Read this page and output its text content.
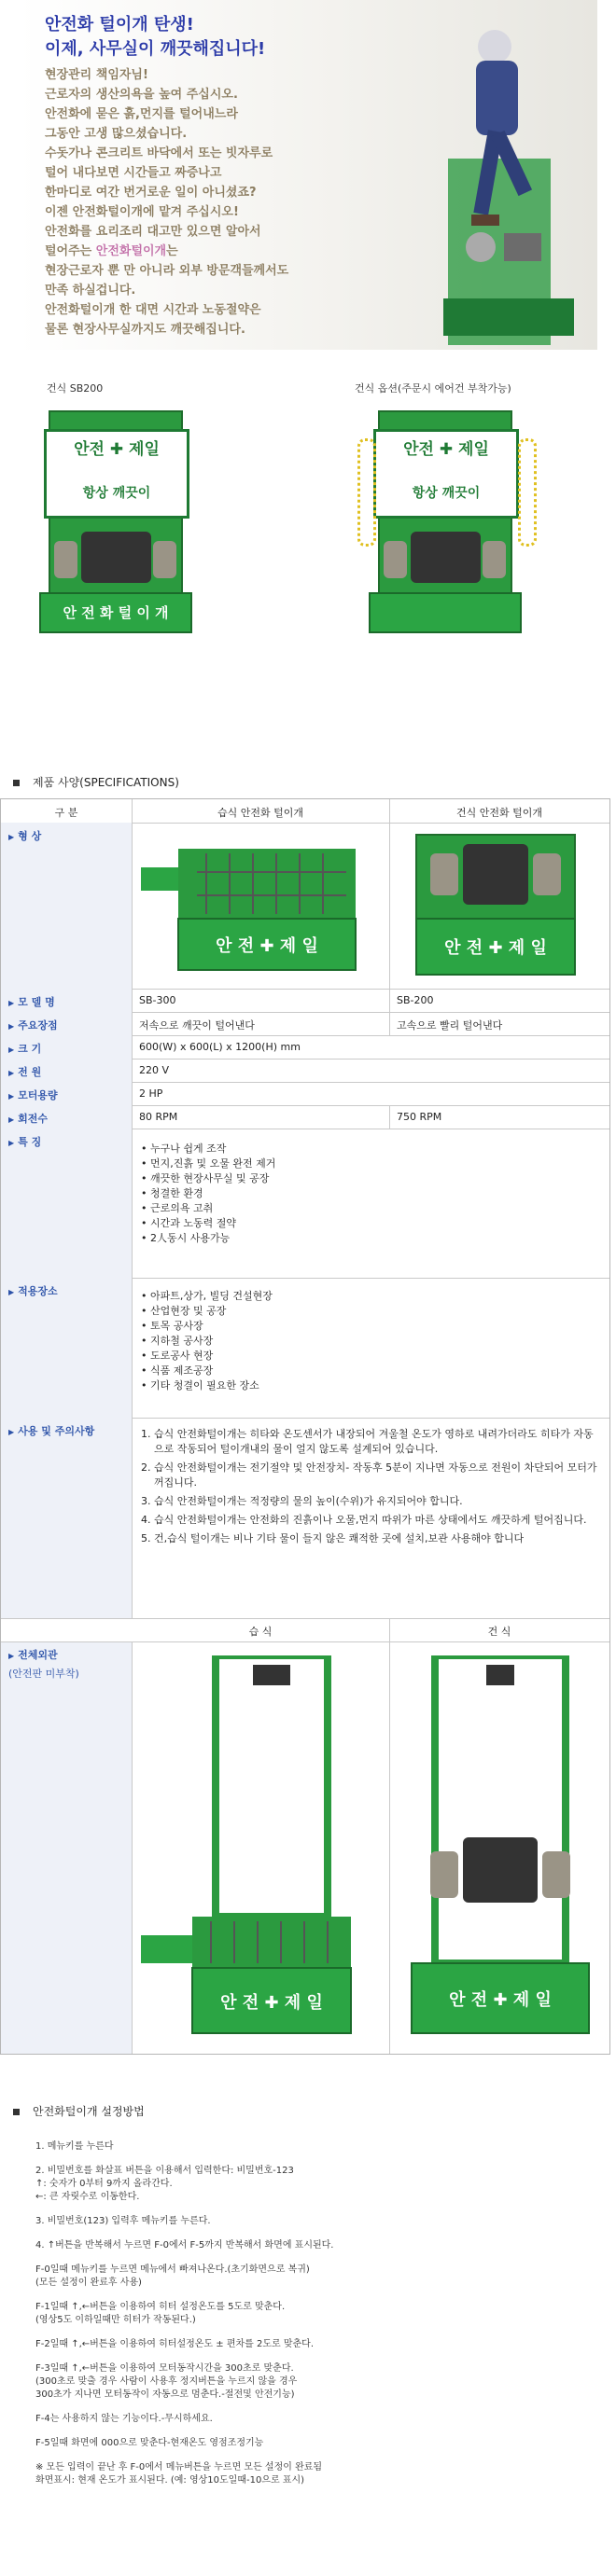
안전화 털이개 탄생!
이제, 사무실이 깨끗해집니다!
현장관리 책임자님!
근로자의 생산의욕을 높여 주십시오.
안전화에 묻은 흙,먼지를 털어내느라
그동안 고생 많으셨습니다.
수돗가나 콘크리트 바닥에서 또는 빗자루로
털어 내다보면 시간들고 짜증나고
한마디로 여간 번거로운 일이 아니셨죠?
이젠 안전화털이개에 맡겨 주십시오!
안전화를 요리조리 대고만 있으면 알아서
털어주는 안전화털이개는
현장근로자 뿐 만 아니라 외부 방문객들께서도
만족 하실겁니다.
안전화털이개 한 대면 시간과 노동절약은
물론 현장사무실까지도 깨끗해집니다.
건식 SB200	건식 옵션(주문시 에어건 부착가능)
안전 ✚ 제일
항상 깨끗이
안 전 화 털 이 개
안전 ✚ 제일
항상 깨끗이
제품 사양(SPECIFICATIONS)
구 분	습식 안전화 털이개	건식 안전화 털이개
▶ 형 상
안 전 ✚ 제 일	안 전 ✚ 제 일
▶ 모 델 명	SB-300	SB-200
▶ 주요장점	저속으로 깨끗이 털어낸다	고속으로 빨리 털어낸다
▶ 크 기	600(W) x 600(L) x 1200(H) mm
▶ 전 원	220 V
▶ 모터용량	2 HP
▶ 회전수	80 RPM	750 RPM
▶ 특 징
• 누구나 쉽게 조작
• 먼지,진흙 및 오물 완전 제거
• 깨끗한 현장사무실 및 공장
• 청결한 환경
• 근로의욕 고취
• 시간과 노동력 절약
• 2人동시 사용가능
▶ 적용장소	• 아파트,상가, 빌딩 건설현장
• 산업현장 및 공장
• 토목 공사장
• 지하철 공사장
• 도로공사 현장
• 식품 제조공장
• 기타 청결이 필요한 장소
▶ 사용 및 주의사항	1. 습식 안전화털이개는 히타와 온도센서가 내장되어 겨울철 온도가 영하로 내려가더라도 히타가 자동으로 작동되어 털이개내의 물이 얼지 않도록 설계되어 있습니다.
2. 습식 안전화털이개는 전기절약 및 안전장치- 작동후 5분이 지나면 자동으로 전원이 차단되어 모터가 꺼집니다.
3. 습식 안전화털이개는 적정량의 물의 높이(수위)가 유지되어야 합니다.
4. 습식 안전화털이개는 안전화의 진흙이나 오물,먼지 따위가 마른 상태에서도 깨끗하게 털어집니다.
5. 건,습식 털이개는 비나 기타 물이 들지 않은 쾌적한 곳에 설치,보관 사용해야 합니다
▶ 전체외관
(안전판 미부착)
습 식	건 식
안 전 ✚ 제 일	안 전 ✚ 제 일
안전화털이개 설정방법

1. 메뉴키를 누른다

2. 비밀번호를 화살표 버튼을 이용해서 입력한다: 비밀번호-123
↑: 숫자가 0부터 9까지 올라간다.
←: 큰 자릿수로 이동한다.

3. 비밀번호(123) 입력후 메뉴키를 누른다.

4. ↑버튼을 반복해서 누르면 F-0에서 F-5까지 반복해서 화면에 표시된다.

F-0일때 메뉴키를 누르면 메뉴에서 빠져나온다.(초기화면으로 복귀)
(모든 설정이 완료후 사용)

F-1일때 ↑,←버튼을 이용하여 히터 설정온도를 5도로 맞춘다.
(영상5도 이하일때만 히터가 작동된다.)

F-2일때 ↑,←버튼을 이용하여 히터설정온도 ± 편차를 2도로 맞춘다.

F-3일때 ↑,←버튼을 이용하여 모터동작시간을 300초로 맞춘다.
(300초로 맞출 경우 사람이 사용후 정지버튼을 누르지 않을 경우
300초가 지나면 모터동작이 자동으로 멈춘다.-절전및 안전기능)

F-4는 사용하지 않는 기능이다.-무시하세요.

F-5일때 화면에 000으로 맞춘다-현재온도 영점조정기능

※ 모든 입력이 끝난 후 F-0에서 메뉴버튼을 누르면 모든 설정이 완료됨
화면표시: 현재 온도가 표시된다. (예: 영상10도일때-10으로 표시)
